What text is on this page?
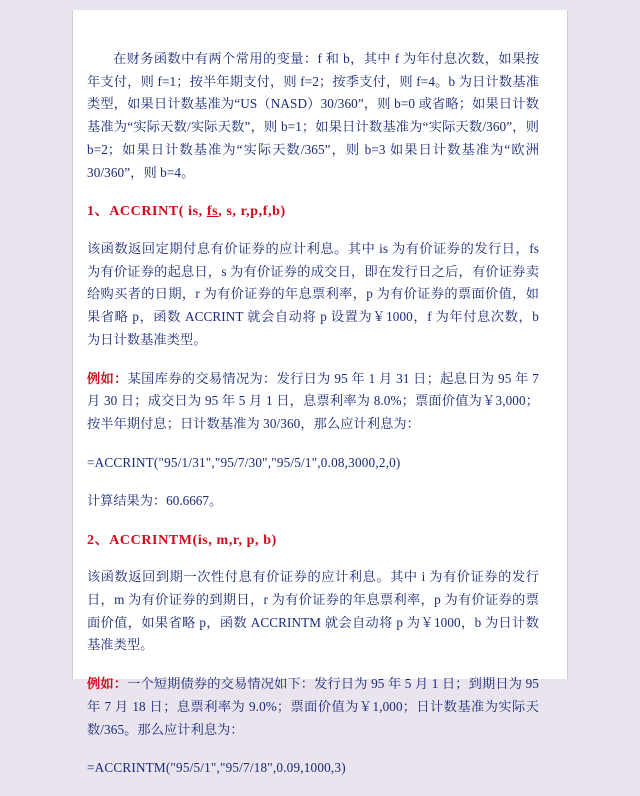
在财务函数中有两个常用的变量：f 和 b，其中 f 为年付息次数，如果按年支付，则 f=1；按半年期支付，则 f=2；按季支付，则 f=4。b 为日计数基准类型，如果日计数基准为“US（NASD）30/360”，则 b=0 或省略；如果日计数基准为“实际天数/实际天数”，则 b=1；如果日计数基准为“实际天数/360”，则 b=2；如果日计数基准为“实际天数/365”，则 b=3 如果日计数基准为“欧洲 30/360”，则 b=4。

1、ACCRINT( is, fs, s, r,p,f,b)

该函数返回定期付息有价证券的应计利息。其中 is 为有价证券的发行日，fs 为有价证券的起息日，s 为有价证券的成交日，即在发行日之后，有价证券卖给购买者的日期，r 为有价证券的年息票利率，p 为有价证券的票面价值，如果省略 p，函数 ACCRINT 就会自动将 p 设置为￥1000，f 为年付息次数，b 为日计数基准类型。

例如：某国库券的交易情况为：发行日为 95 年 1 月 31 日；起息日为 95 年 7 月 30 日；成交日为 95 年 5 月 1 日，息票利率为 8.0%；票面价值为￥3,000；按半年期付息；日计数基准为 30/360，那么应计利息为：

=ACCRINT("95/1/31","95/7/30","95/5/1",0.08,3000,2,0)
计算结果为：60.6667。
2、ACCRINTM(is, m,r, p, b)

该函数返回到期一次性付息有价证券的应计利息。其中 i 为有价证券的发行日，m 为有价证券的到期日，r 为有价证券的年息票利率，p 为有价证券的票面价值，如果省略 p，函数 ACCRINTM 就会自动将 p 为￥1000，b 为日计数基准类型。

例如：一个短期债券的交易情况如下：发行日为 95 年 5 月 1 日；到期日为 95 年 7 月 18 日；息票利率为 9.0%；票面价值为￥1,000；日计数基准为实际天数/365。那么应计利息为：

=ACCRINTM("95/5/1","95/7/18",0.09,1000,3)
